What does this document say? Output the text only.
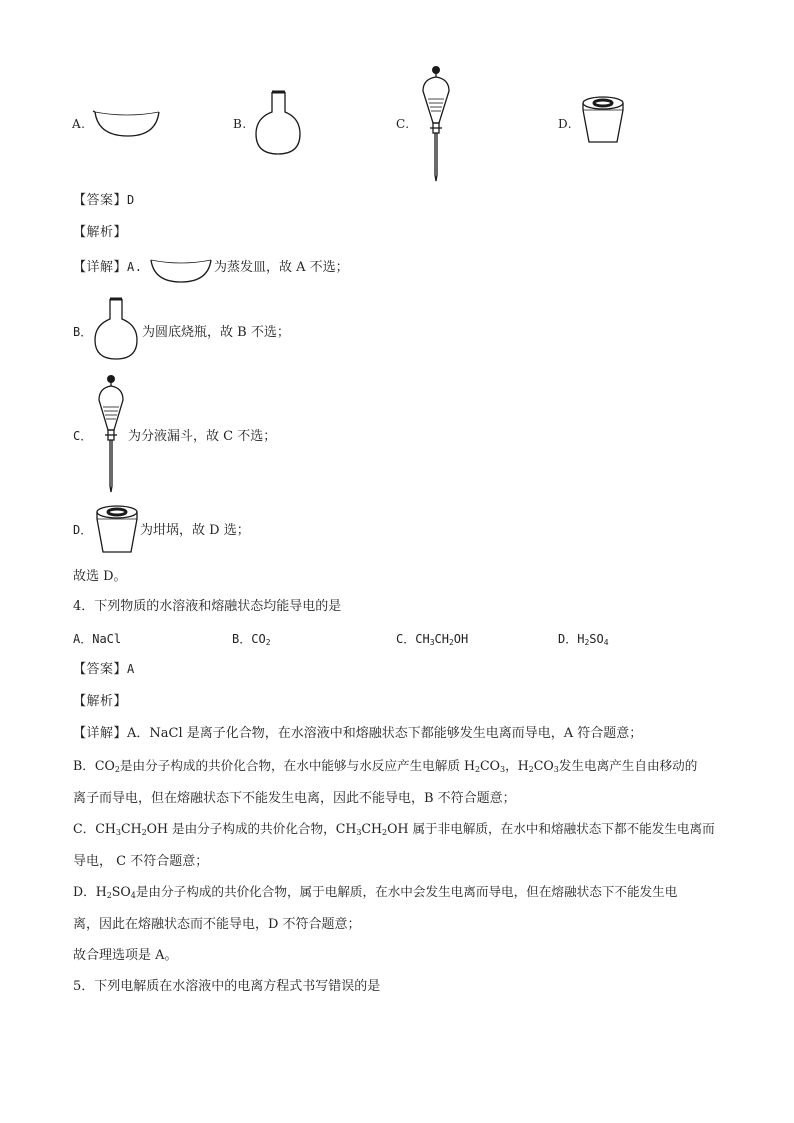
A.	B.	C.	D.
【答案】D
【解析】
【详解】A.	为蒸发皿，故 A 不选；
B．	为圆底烧瓶，故 B 不选；
C．	为分液漏斗，故 C 不选；
D．	为坩埚，故 D 选；
故选 D。
4．下列物质的水溶液和熔融状态均能导电的是
A．NaCl	B．$CO_2$	C．$CH_3CH_2OH$	D．$H_2SO_4$
【答案】A
【解析】
【详解】A．NaCl 是离子化合物，在水溶液中和熔融状态下都能够发生电离而导电，A 符合题意；
B．$CO_2$是由分子构成的共价化合物，在水中能够与水反应产生电解质 $H_2CO_3$，$H_2CO_3$发生电离产生自由移动的
离子而导电，但在熔融状态下不能发生电离，因此不能导电，B 不符合题意；
C．$CH_3CH_2OH$ 是由分子构成的共价化合物，$CH_3CH_2OH$ 属于非电解质，在水中和熔融状态下都不能发生电离而
导电， C 不符合题意；
D．$H_2SO_4$是由分子构成的共价化合物，属于电解质，在水中会发生电离而导电，但在熔融状态下不能发生电
离，因此在熔融状态而不能导电，D 不符合题意；
故合理选项是 A。
5．下列电解质在水溶液中的电离方程式书写错误的是
